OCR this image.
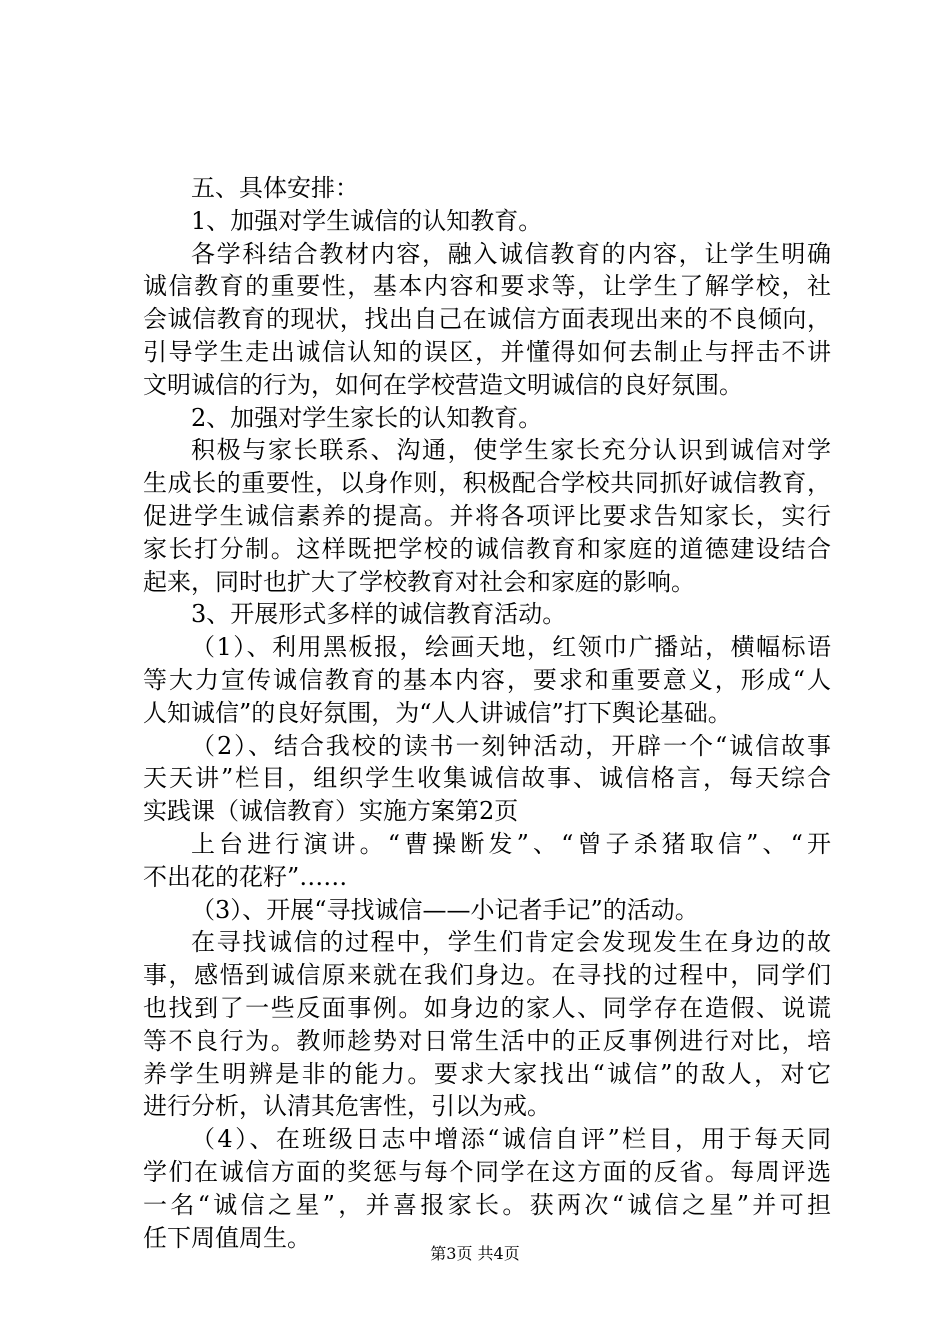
五、具体安排：
1、加强对学生诚信的认知教育。
各学科结合教材内容，融入诚信教育的内容，让学生明确
诚信教育的重要性，基本内容和要求等，让学生了解学校，社
会诚信教育的现状，找出自己在诚信方面表现出来的不良倾向，
引导学生走出诚信认知的误区，并懂得如何去制止与抨击不讲
文明诚信的行为，如何在学校营造文明诚信的良好氛围。
2、加强对学生家长的认知教育。
积极与家长联系、沟通，使学生家长充分认识到诚信对学
生成长的重要性，以身作则，积极配合学校共同抓好诚信教育，
促进学生诚信素养的提高。并将各项评比要求告知家长，实行
家长打分制。这样既把学校的诚信教育和家庭的道德建设结合
起来，同时也扩大了学校教育对社会和家庭的影响。
3、开展形式多样的诚信教育活动。
（1）、利用黑板报，绘画天地，红领巾广播站，横幅标语
等大力宣传诚信教育的基本内容，要求和重要意义，形成“人
人知诚信”的良好氛围，为“人人讲诚信”打下舆论基础。
（2）、结合我校的读书一刻钟活动，开辟一个“诚信故事
天天讲”栏目，组织学生收集诚信故事、诚信格言，每天综合
实践课（诚信教育）实施方案第2页
上台进行演讲。“曹操断发”、“曾子杀猪取信”、“开
不出花的花籽”……
（3）、开展“寻找诚信——小记者手记”的活动。
在寻找诚信的过程中，学生们肯定会发现发生在身边的故
事，感悟到诚信原来就在我们身边。在寻找的过程中，同学们
也找到了一些反面事例。如身边的家人、同学存在造假、说谎
等不良行为。教师趁势对日常生活中的正反事例进行对比，培
养学生明辨是非的能力。要求大家找出“诚信”的敌人，对它
进行分析，认清其危害性，引以为戒。
（4）、在班级日志中增添“诚信自评”栏目，用于每天同
学们在诚信方面的奖惩与每个同学在这方面的反省。每周评选
一名“诚信之星”，并喜报家长。获两次“诚信之星”并可担
任下周值周生。
第3页 共4页
